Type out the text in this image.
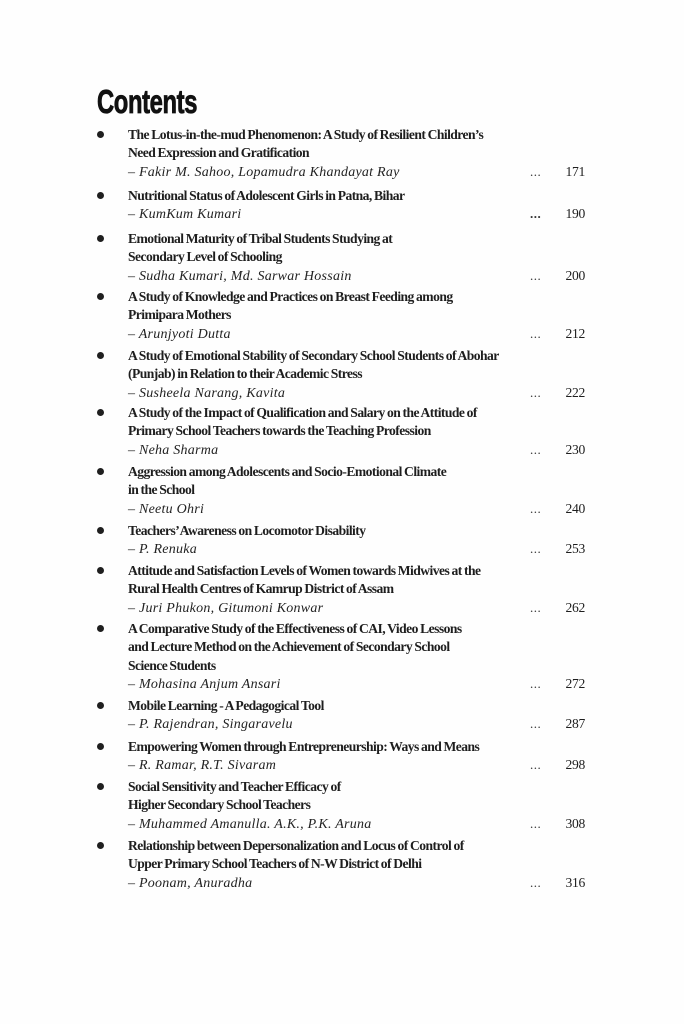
Contents
The Lotus-in-the-mud Phenomenon: A Study of Resilient Children’s
Need Expression and Gratification
– Fakir M. Sahoo, Lopamudra Khandayat Ray	... 171
Nutritional Status of Adolescent Girls in Patna, Bihar
– KumKum Kumari	... 190
Emotional Maturity of Tribal Students Studying at
Secondary Level of Schooling
– Sudha Kumari, Md. Sarwar Hossain	... 200
A Study of Knowledge and Practices on Breast Feeding among
Primipara Mothers
– Arunjyoti Dutta	... 212
A Study of Emotional Stability of Secondary School Students of Abohar
(Punjab) in Relation to their Academic Stress
– Susheela Narang, Kavita	... 222
A Study of the Impact of Qualification and Salary on the Attitude of
Primary School Teachers towards the Teaching Profession
– Neha Sharma	... 230
Aggression among Adolescents and Socio-Emotional Climate
in the School
– Neetu Ohri	... 240
Teachers’ Awareness on Locomotor Disability
– P. Renuka	... 253
Attitude and Satisfaction Levels of Women towards Midwives at the
Rural Health Centres of Kamrup District of Assam
– Juri Phukon, Gitumoni Konwar	... 262
A Comparative Study of the Effectiveness of CAI, Video Lessons
and Lecture Method on the Achievement of Secondary School
Science Students
– Mohasina Anjum Ansari	... 272
Mobile Learning - A Pedagogical Tool
– P. Rajendran, Singaravelu	... 287
Empowering Women through Entrepreneurship: Ways and Means
– R. Ramar, R.T. Sivaram	... 298
Social Sensitivity and Teacher Efficacy of
Higher Secondary School Teachers
– Muhammed Amanulla. A.K., P.K. Aruna	... 308
Relationship between Depersonalization and Locus of Control of
Upper Primary School Teachers of N-W District of Delhi
– Poonam, Anuradha	... 316
